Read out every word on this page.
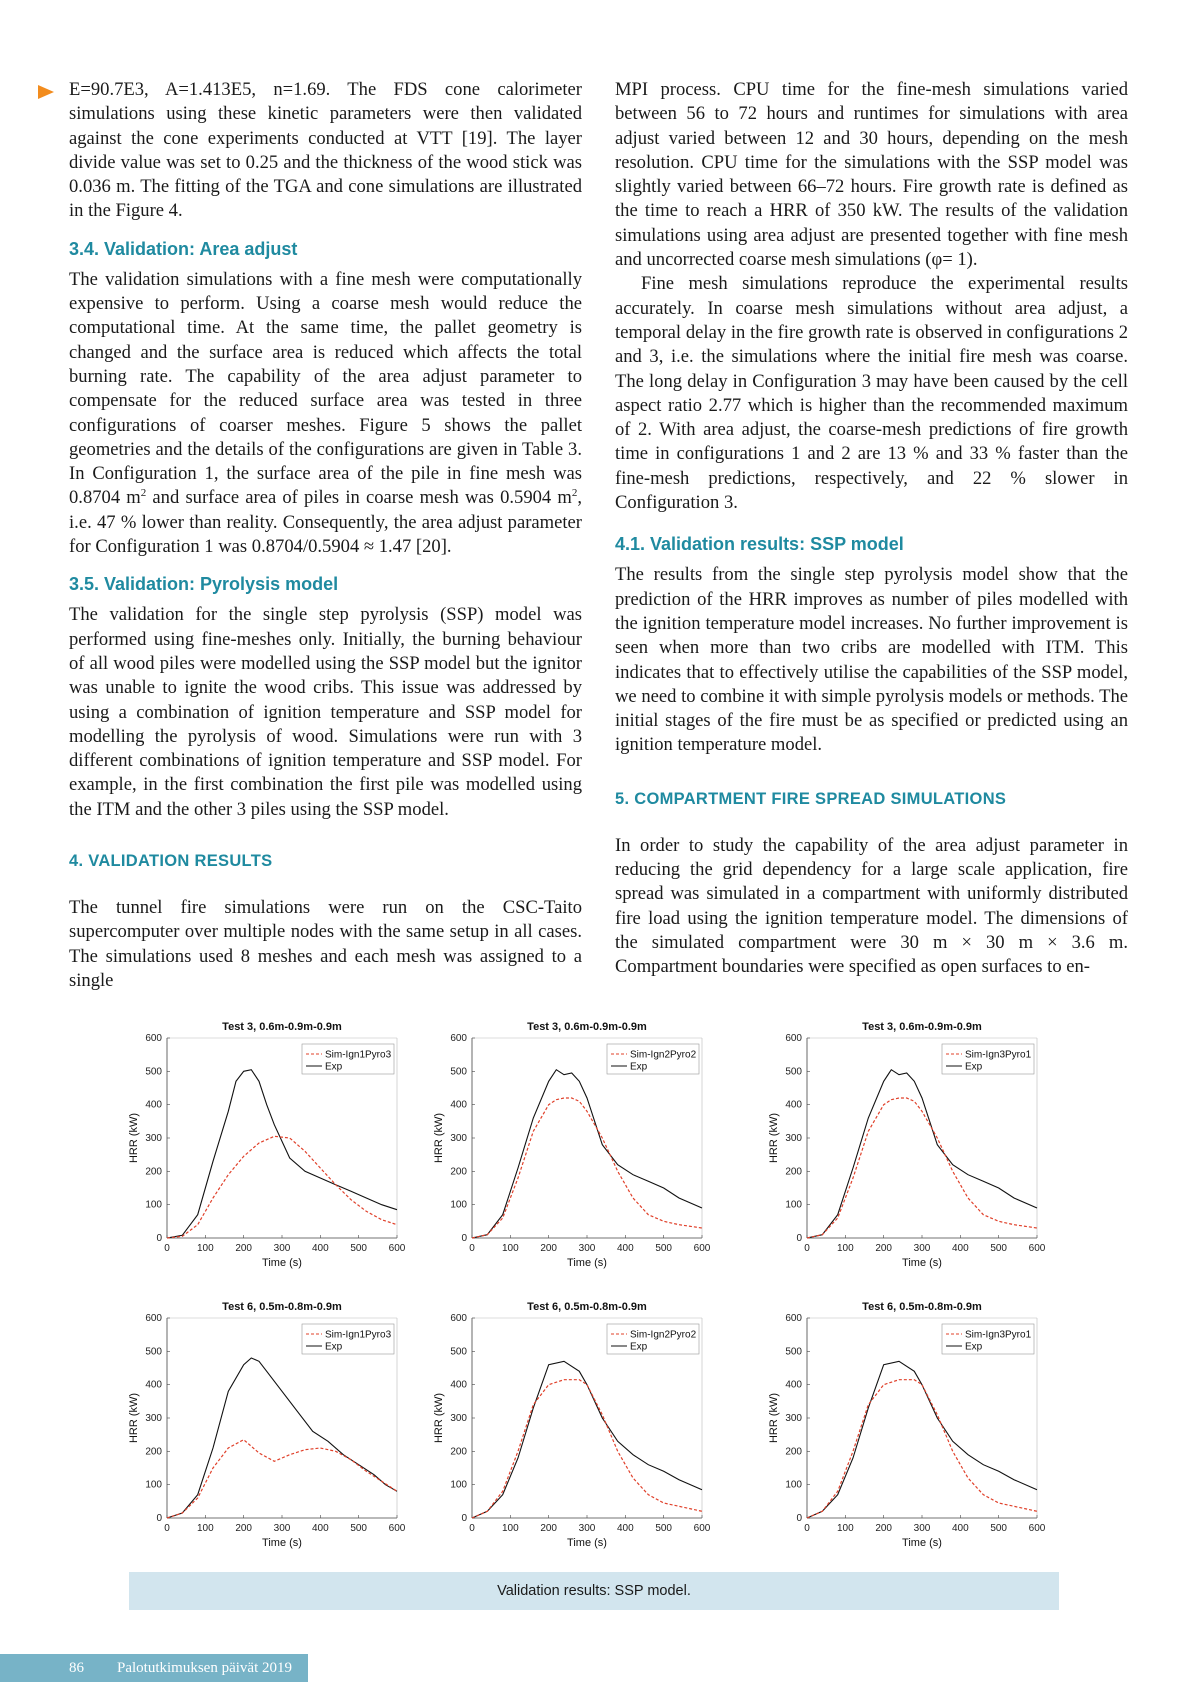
E=90.7E3, A=1.413E5, n=1.69. The FDS cone calorimeter simulations using these kinetic parameters were then validated against the cone experiments conducted at VTT [19]. The layer divide value was set to 0.25 and the thickness of the wood stick was 0.036 m. The fitting of the TGA and cone simulations are illustrated in the Figure 4.

3.4. Validation: Area adjust

The validation simulations with a fine mesh were computationally expensive to perform. Using a coarse mesh would reduce the computational time. At the same time, the pallet geometry is changed and the surface area is reduced which affects the total burning rate. The capability of the area adjust parameter to compensate for the reduced surface area was tested in three configurations of coarser meshes. Figure 5 shows the pallet geometries and the details of the configurations are given in Table 3. In Configuration 1, the surface area of the pile in fine mesh was 0.8704 $m^2$ and surface area of piles in coarse mesh was 0.5904 $m^2$, i.e. 47 % lower than reality. Consequently, the area adjust parameter for Configuration 1 was 0.8704/0.5904 ≈ 1.47 [20].

3.5. Validation: Pyrolysis model

The validation for the single step pyrolysis (SSP) model was performed using fine-meshes only. Initially, the burning behaviour of all wood piles were modelled using the SSP model but the ignitor was unable to ignite the wood cribs. This issue was addressed by using a combination of ignition temperature and SSP model for modelling the pyrolysis of wood. Simulations were run with 3 different combinations of ignition temperature and SSP model. For example, in the first combination the first pile was modelled using the ITM and the other 3 piles using the SSP model.

4. VALIDATION RESULTS

The tunnel fire simulations were run on the CSC-Taito supercomputer over multiple nodes with the same setup in all cases. The simulations used 8 meshes and each mesh was assigned to a single

MPI process. CPU time for the fine-mesh simulations varied between 56 to 72 hours and runtimes for simulations with area adjust varied between 12 and 30 hours, depending on the mesh resolution. CPU time for the simulations with the SSP model was slightly varied between 66–72 hours. Fire growth rate is defined as the time to reach a HRR of 350 kW. The results of the validation simulations using area adjust are presented together with fine mesh and uncorrected coarse mesh simulations (φ= 1).

Fine mesh simulations reproduce the experimental results accurately. In coarse mesh simulations without area adjust, a temporal delay in the fire growth rate is observed in configurations 2 and 3, i.e. the simulations where the initial fire mesh was coarse. The long delay in Configuration 3 may have been caused by the cell aspect ratio 2.77 which is higher than the recommended maximum of 2. With area adjust, the coarse-mesh predictions of fire growth time in configurations 1 and 2 are 13 % and 33 % faster than the fine-mesh predictions, respectively, and 22 % slower in Configuration 3.

4.1. Validation results: SSP model

The results from the single step pyrolysis model show that the prediction of the HRR improves as number of piles modelled with the ignition temperature model increases. No further improvement is seen when more than two cribs are modelled with ITM. This indicates that to effectively utilise the capabilities of the SSP model, we need to combine it with simple pyrolysis models or methods. The initial stages of the fire must be as specified or predicted using an ignition temperature model.

5. COMPARTMENT FIRE SPREAD SIMULATIONS

In order to study the capability of the area adjust parameter in reducing the grid dependency for a large scale application, fire spread was simulated in a compartment with uniformly distributed fire load using the ignition temperature model. The dimensions of the simulated compartment were 30 m × 30 m × 3.6 m. Compartment boundaries were specified as open surfaces to en-

0
100
200
300
400
500
600
0	100 200 300 400 500 600
Test 3, 0.6m-0.9m-0.9m
Time (s)
HRR (kW)
Sim-Ign1Pyro3
Exp
0
100
200
300
400
500
600
0	100 200 300 400 500 600
Test 3, 0.6m-0.9m-0.9m
Time (s)
HRR (kW)
Sim-Ign2Pyro2
Exp
0
100
200
300
400
500
600
0	100 200 300 400 500 600
Test 3, 0.6m-0.9m-0.9m
Time (s)
HRR (kW)
Sim-Ign3Pyro1
Exp
0
100
200
300
400
500
600
0	100 200 300 400 500 600
Test 6, 0.5m-0.8m-0.9m
Time (s)
HRR (kW)
Sim-Ign1Pyro3
Exp
0
100
200
300
400
500
600
0	100 200 300 400 500 600
Test 6, 0.5m-0.8m-0.9m
Time (s)
HRR (kW)
Sim-Ign2Pyro2
Exp
0
100
200
300
400
500
600
0	100 200 300 400 500 600
Test 6, 0.5m-0.8m-0.9m
Time (s)
HRR (kW)
Sim-Ign3Pyro1
Exp
Validation results: SSP model.
86 Palotutkimuksen päivät 2019
